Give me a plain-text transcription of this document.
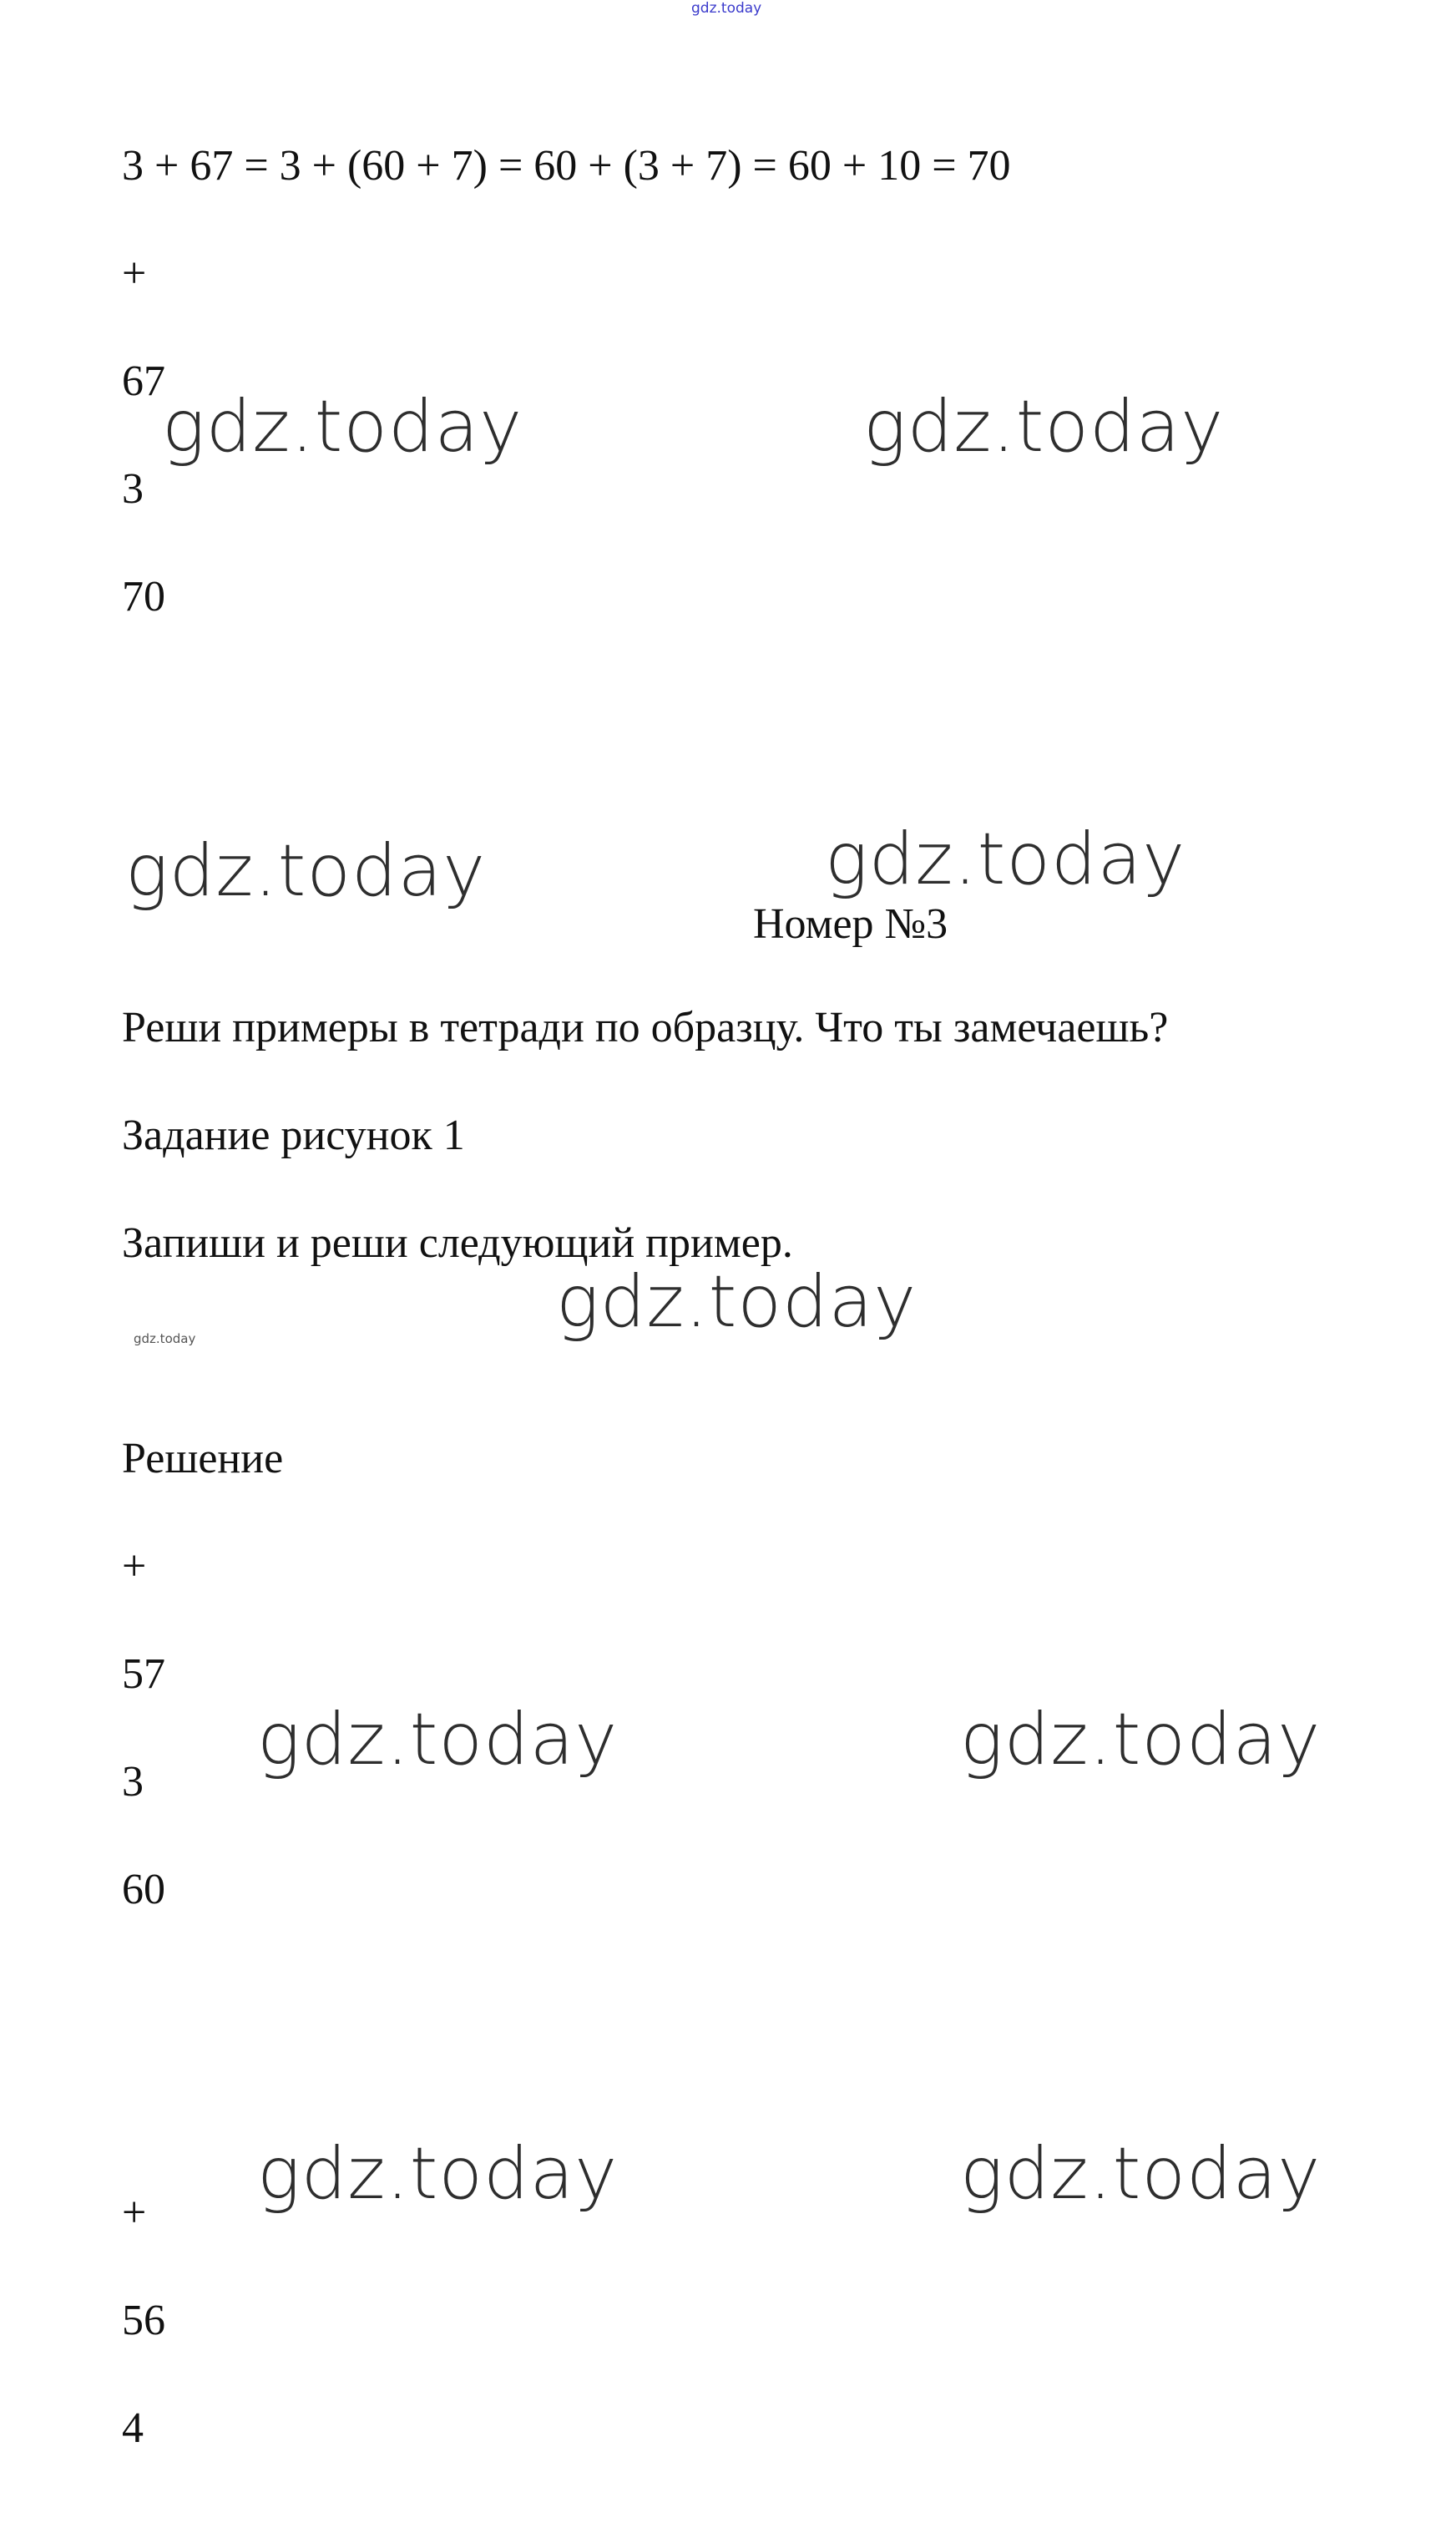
gdz.today
3 + 67 = 3 + (60 + 7) = 60 + (3 + 7) = 60 + 10 = 70
+
67
3
70
gdz.today	gdz.today
gdz.today	gdz.today
Номер №3
Реши примеры в тетради по образцу. Что ты замечаешь?
Задание рисунок 1
Запиши и реши следующий пример.
gdz.today
gdz.today
Решение
+
57
3
60
gdz.today	gdz.today
gdz.today	gdz.today
+
56
4
